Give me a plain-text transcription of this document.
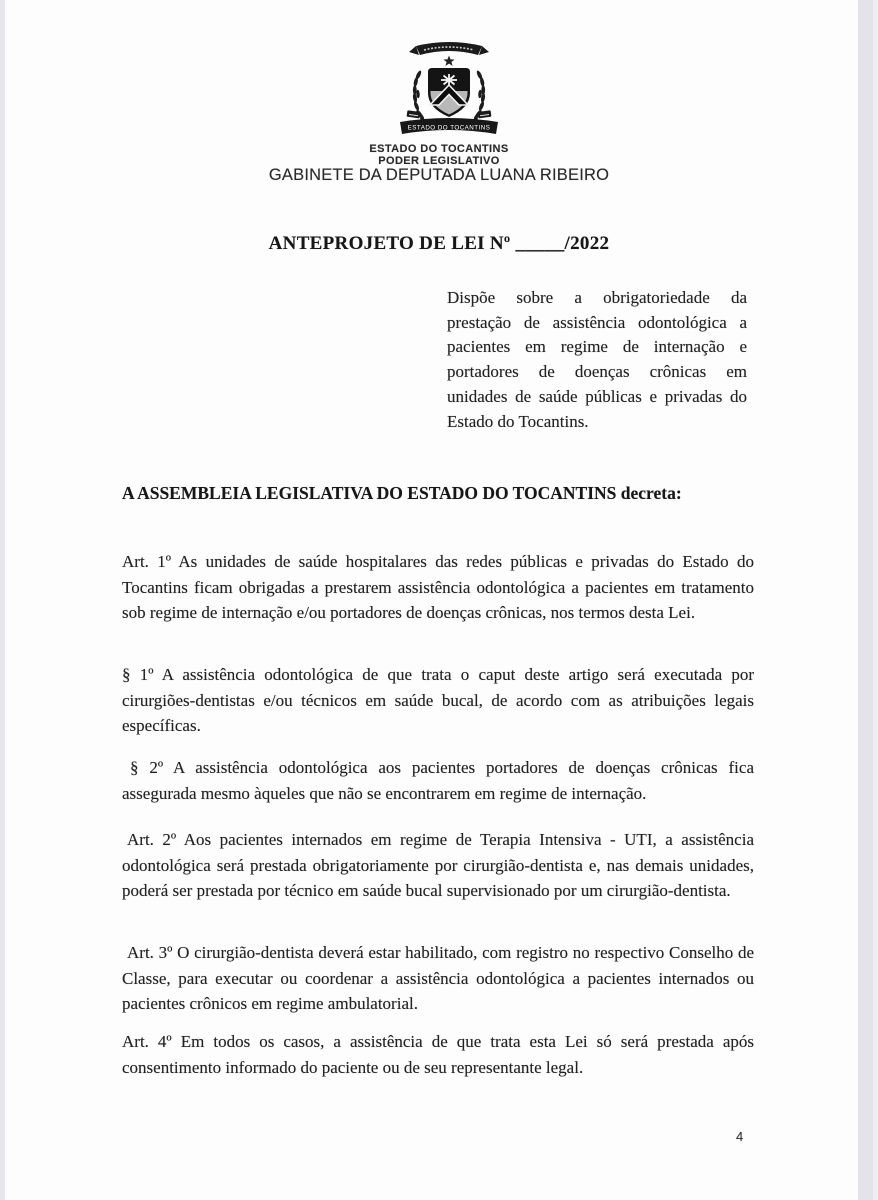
ESTADO DO TOCANTINS
ESTADO DO TOCANTINS
PODER LEGISLATIVO
GABINETE DA DEPUTADA LUANA RIBEIRO
ANTEPROJETO DE LEI Nº _____/2022
Dispõe sobre a obrigatoriedade da prestação de assistência odontológica a pacientes em regime de internação e portadores de doenças crônicas em unidades de saúde públicas e privadas do Estado do Tocantins.
A ASSEMBLEIA LEGISLATIVA DO ESTADO DO TOCANTINS decreta:

Art. 1º As unidades de saúde hospitalares das redes públicas e privadas do Estado do Tocantins ficam obrigadas a prestarem assistência odontológica a pacientes em tratamento sob regime de internação e/ou portadores de doenças crônicas, nos termos desta Lei.

§ 1º A assistência odontológica de que trata o caput deste artigo será executada por cirurgiões-dentistas e/ou técnicos em saúde bucal, de acordo com as atribuições legais específicas.

§ 2º A assistência odontológica aos pacientes portadores de doenças crônicas fica assegurada mesmo àqueles que não se encontrarem em regime de internação.

Art. 2º Aos pacientes internados em regime de Terapia Intensiva - UTI, a assistência odontológica será prestada obrigatoriamente por cirurgião-dentista e, nas demais unidades, poderá ser prestada por técnico em saúde bucal supervisionado por um cirurgião-dentista.

Art. 3º O cirurgião-dentista deverá estar habilitado, com registro no respectivo Conselho de Classe, para executar ou coordenar a assistência odontológica a pacientes internados ou pacientes crônicos em regime ambulatorial.

Art. 4º Em todos os casos, a assistência de que trata esta Lei só será prestada após consentimento informado do paciente ou de seu representante legal.

4
